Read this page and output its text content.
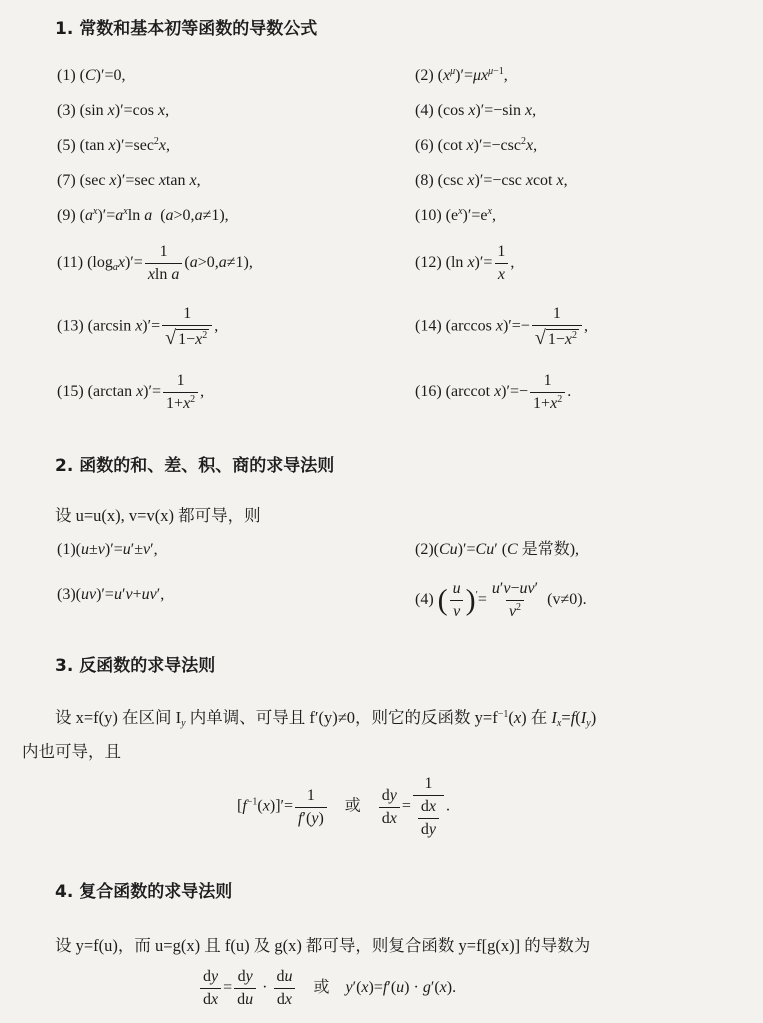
1. 常数和基本初等函数的导数公式
(1) (C)′=0,	(2) $(x^\mu)'=\mu x^{\mu-1}$,
(3) (sin x)′=cos x,	(4) (cos x)′=−sin x,
(5) (tan $x)'=\sec^2x$,	(6) (cot $x)'=-\csc^2x$,
(7) (sec x)′=sec xtan x,	(8) (csc x)′=−csc xcot x,
(9) $(a^x)'=a^x\ln$ a  (a>0,a≠1),	(10) $(e^x)'=e^x$,
(11) $(\log_ax)'= \frac{1}{\text{xln a}} (a>0,a\ne 1)$,	(12) (ln $x)'= \frac{1}{x}$ ,
(13) (arcsin $x)'= \frac{1}{√ 1-x^2}$ ,	(14) (arccos $x)'=- \frac{1}{√ 1-x^2}$ ,
(15) (arctan $x)'= \frac{1}{1+x^2}$ ,	(16) (arccot $x)'=- \frac{1}{1+x^2}$ .
2. 函数的和、差、积、商的求导法则
设 u=u(x), v=v(x) 都可导，则
(1)(u±v)′=u′±v′,	(2)(Cu)′=Cu′ (C 是常数),
(3)(uv)′=u′v+uv′,	(4) ( $\frac{u}{v} )'= \frac{u'v-uv'}{v^2} (v\ne 0)$.
3. 反函数的求导法则
设 x=f(y) 在区间 $I_y$ 内单调、可导且 f′(y)≠0，则它的反函数 $y=f^{-1}(x)$ 在 $I_x=f(I_y)$
内也可导，且
$[f^{-1}(x)]'= \frac{1}{f'(y)}$ 或 $\frac{dy}{dx}$ =
1
$\frac{dx}{dy}$ .
4. 复合函数的求导法则
设 y=f(u)，而 u=g(x) 且 f(u) 及 g(x) 都可导，则复合函数 y=f[g(x)] 的导数为
$\frac{dy}{dx} = \frac{dy}{du} \cdot \frac{du}{dx}$ 或 y′(x)=f′(u) · g′(x).
